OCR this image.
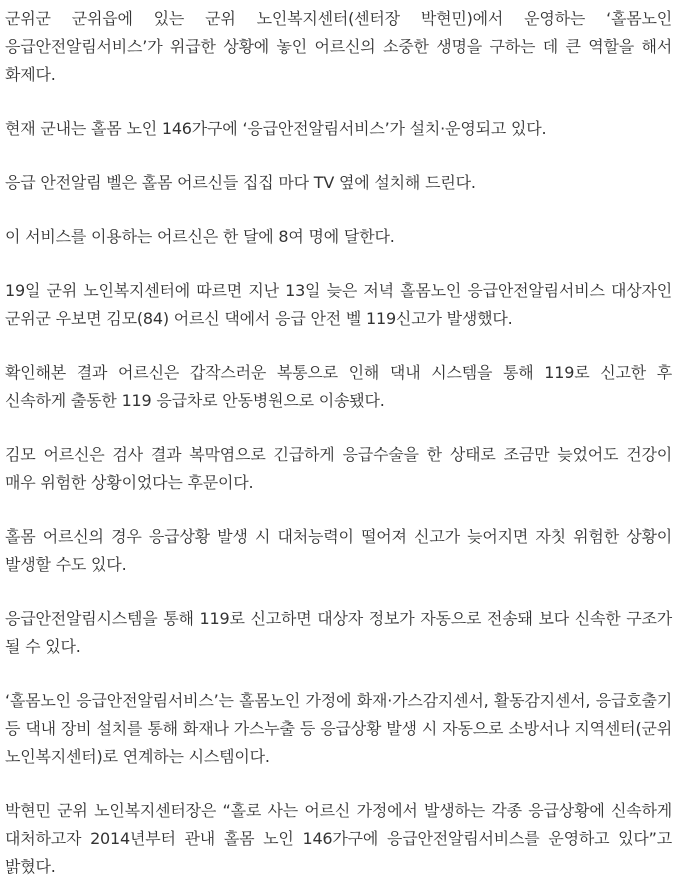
군위군 군위읍에 있는 군위 노인복지센터(센터장 박현민)에서 운영하는 ‘홀몸노인 응급안전알림서비스’가 위급한 상황에 놓인 어르신의 소중한 생명을 구하는 데 큰 역할을 해서 화제다.

현재 군내는 홀몸 노인 146가구에 ‘응급안전알림서비스’가 설치·운영되고 있다.

응급 안전알림 벨은 홀몸 어르신들 집집 마다 TV 옆에 설치해 드린다.

이 서비스를 이용하는 어르신은 한 달에 8여 명에 달한다.

19일 군위 노인복지센터에 따르면 지난 13일 늦은 저녁 홀몸노인 응급안전알림서비스 대상자인 군위군 우보면 김모(84) 어르신 댁에서 응급 안전 벨 119신고가 발생했다.

확인해본 결과 어르신은 갑작스러운 복통으로 인해 댁내 시스템을 통해 119로 신고한 후 신속하게 출동한 119 응급차로 안동병원으로 이송됐다.

김모 어르신은 검사 결과 복막염으로 긴급하게 응급수술을 한 상태로 조금만 늦었어도 건강이 매우 위험한 상황이었다는 후문이다.

홀몸 어르신의 경우 응급상황 발생 시 대처능력이 떨어져 신고가 늦어지면 자칫 위험한 상황이 발생할 수도 있다.

응급안전알림시스템을 통해 119로 신고하면 대상자 정보가 자동으로 전송돼 보다 신속한 구조가 될 수 있다.

‘홀몸노인 응급안전알림서비스’는 홀몸노인 가정에 화재·가스감지센서, 활동감지센서, 응급호출기 등 댁내 장비 설치를 통해 화재나 가스누출 등 응급상황 발생 시 자동으로 소방서나 지역센터(군위 노인복지센터)로 연계하는 시스템이다.

박현민 군위 노인복지센터장은 “홀로 사는 어르신 가정에서 발생하는 각종 응급상황에 신속하게 대처하고자 2014년부터 관내 홀몸 노인 146가구에 응급안전알림서비스를 운영하고 있다”고 밝혔다.
